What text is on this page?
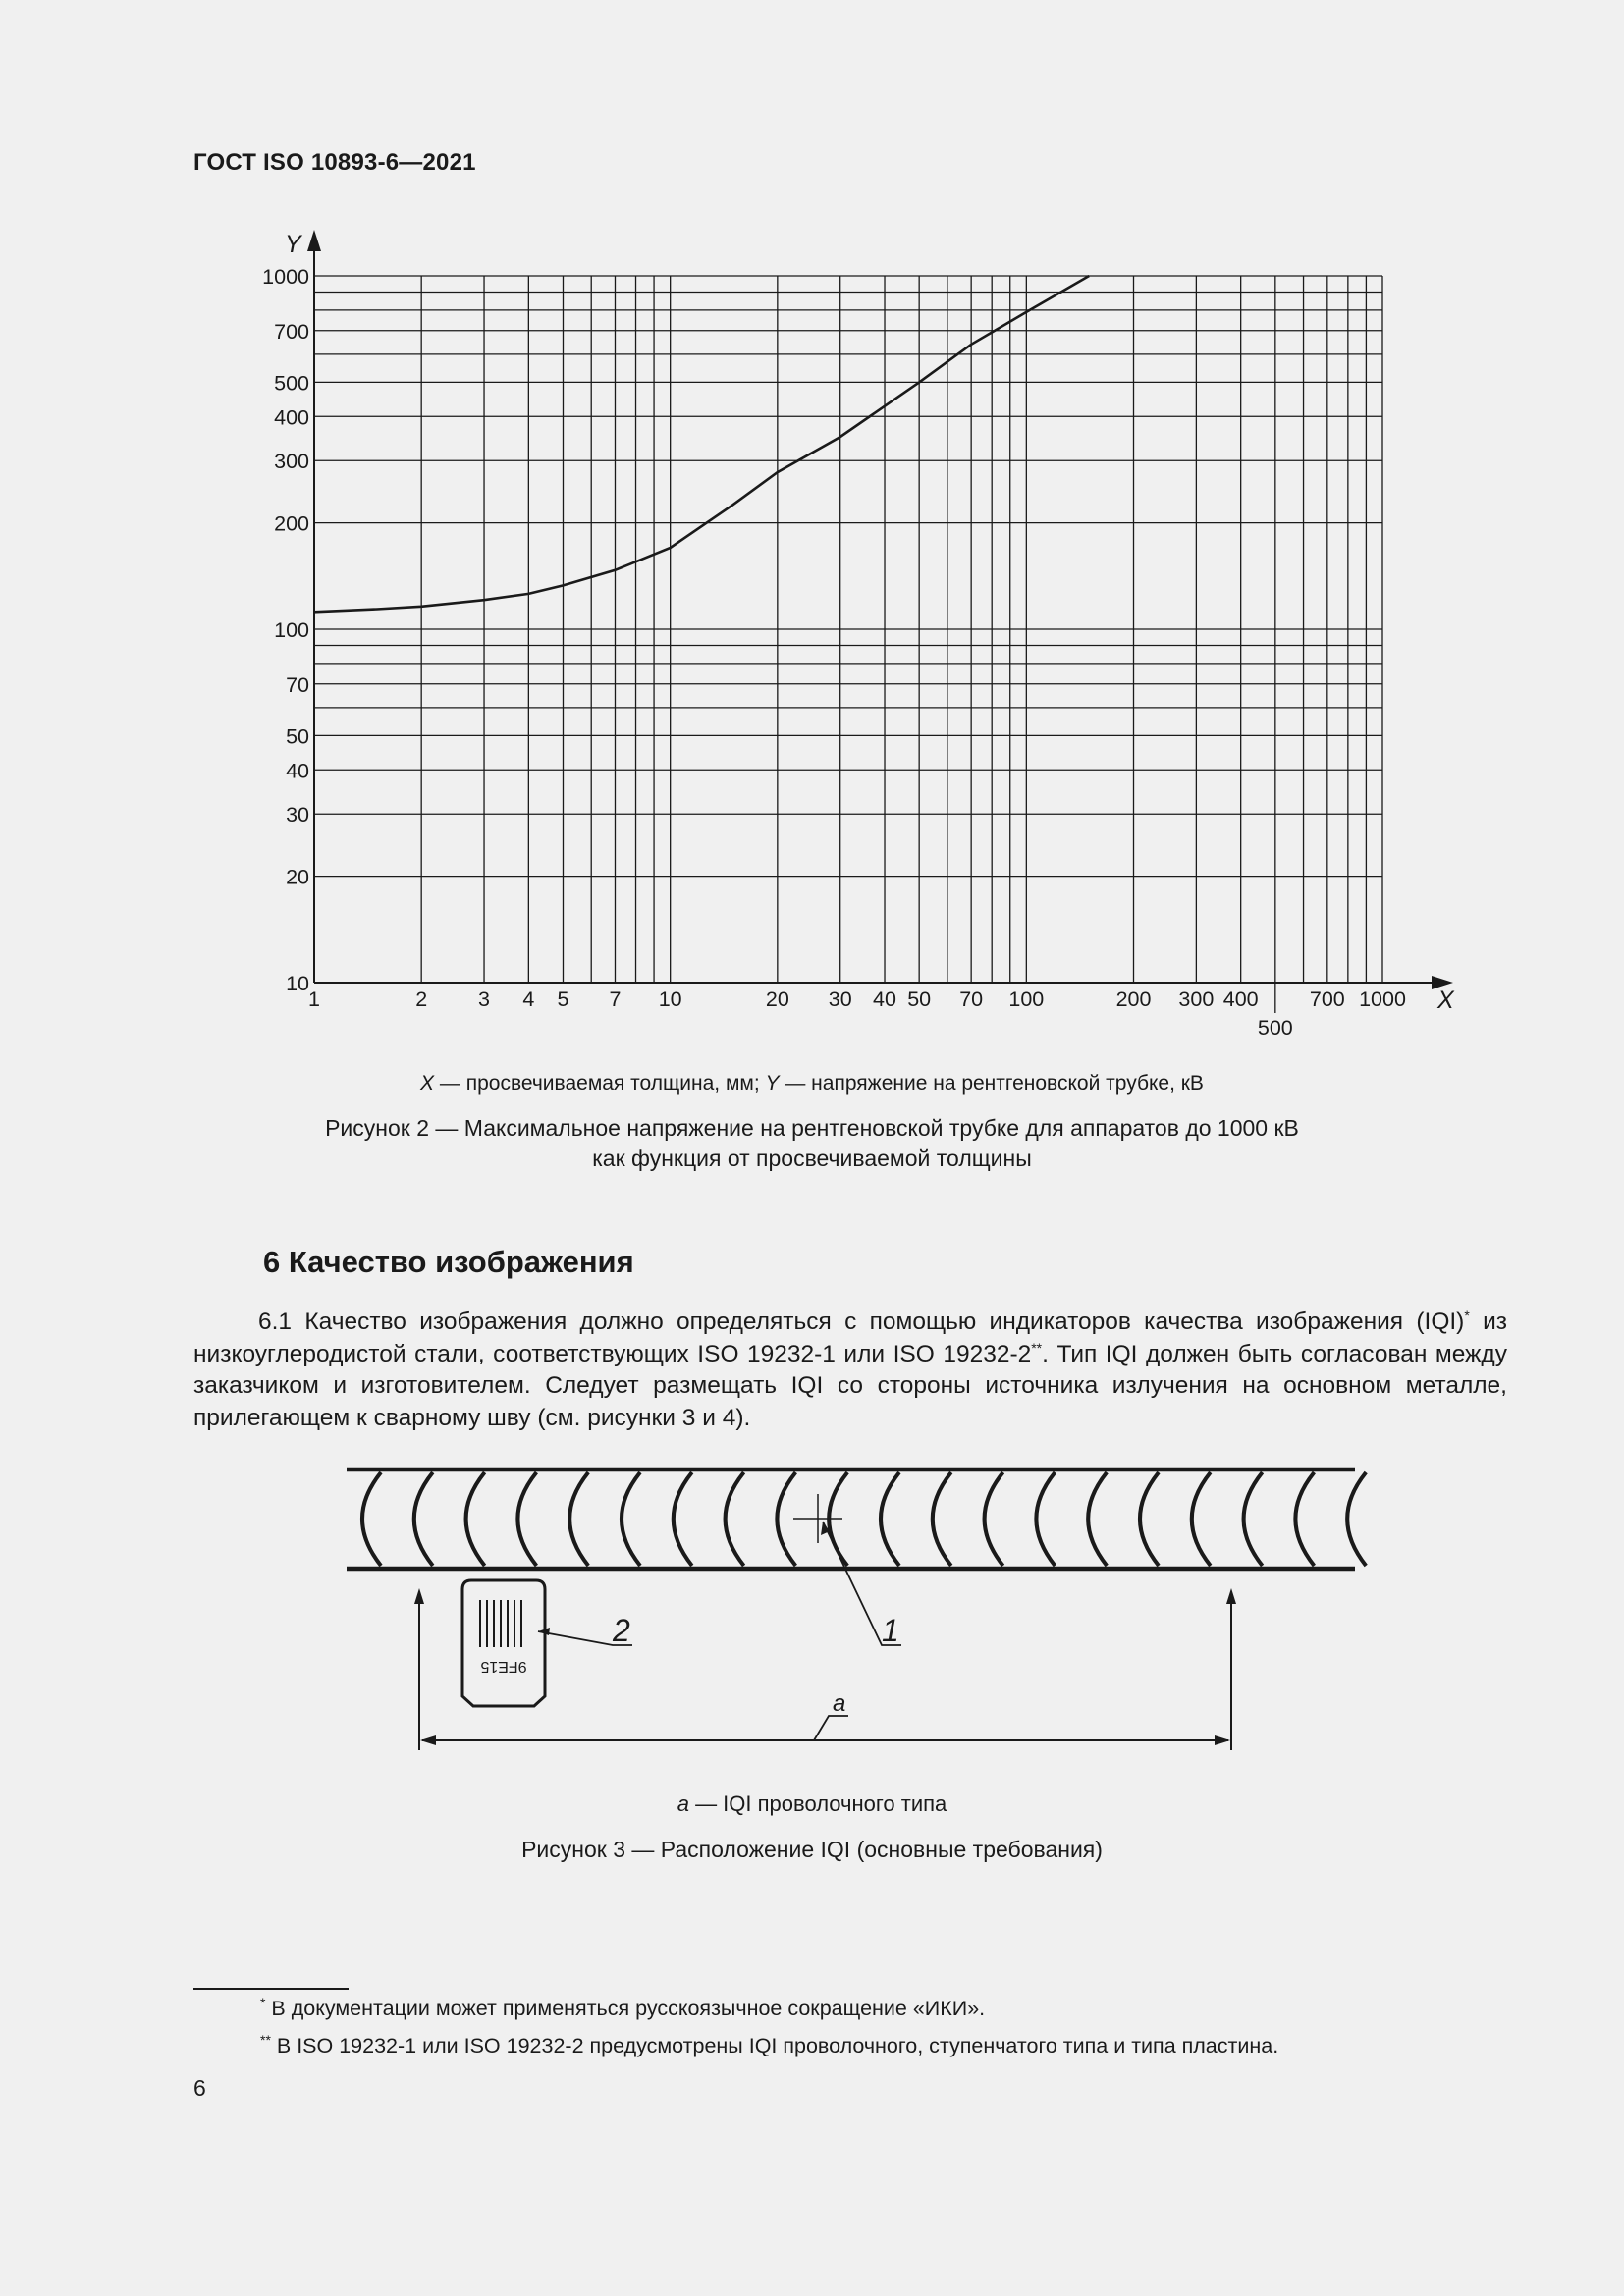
ГОСТ ISO 10893-6—2021
X
Y
1	2 3 4 5 7 10	20 30 40 50 70 100	200 300 400
500
700 1000
10
20
30
40
50
70
100
200
300
400
500
700
1000
X — просвечиваемая толщина, мм; Y — напряжение на рентгеновской трубке, кВ
Рисунок 2 — Максимальное напряжение на рентгеновской трубке для аппаратов до 1000 кВ
как функция от просвечиваемой толщины
6 Качество изображения
6.1 Качество изображения должно определяться с помощью индикаторов качества изображения (IQI)* из низкоуглеродистой стали, соответствующих ISO 19232-1 или ISO 19232-2**. Тип IQI должен быть согласован между заказчиком и изготовителем. Следует размещать IQI со стороны источника излучения на основном металле, прилегающем к сварному шву (см. рисунки 3 и 4).
1
9FE15
2
a
a — IQI проволочного типа
Рисунок 3 — Расположение IQI (основные требования)
* В документации может применяться русскоязычное сокращение «ИКИ».
** В ISO 19232-1 или ISO 19232-2 предусмотрены IQI проволочного, ступенчатого типа и типа пластина.
6
